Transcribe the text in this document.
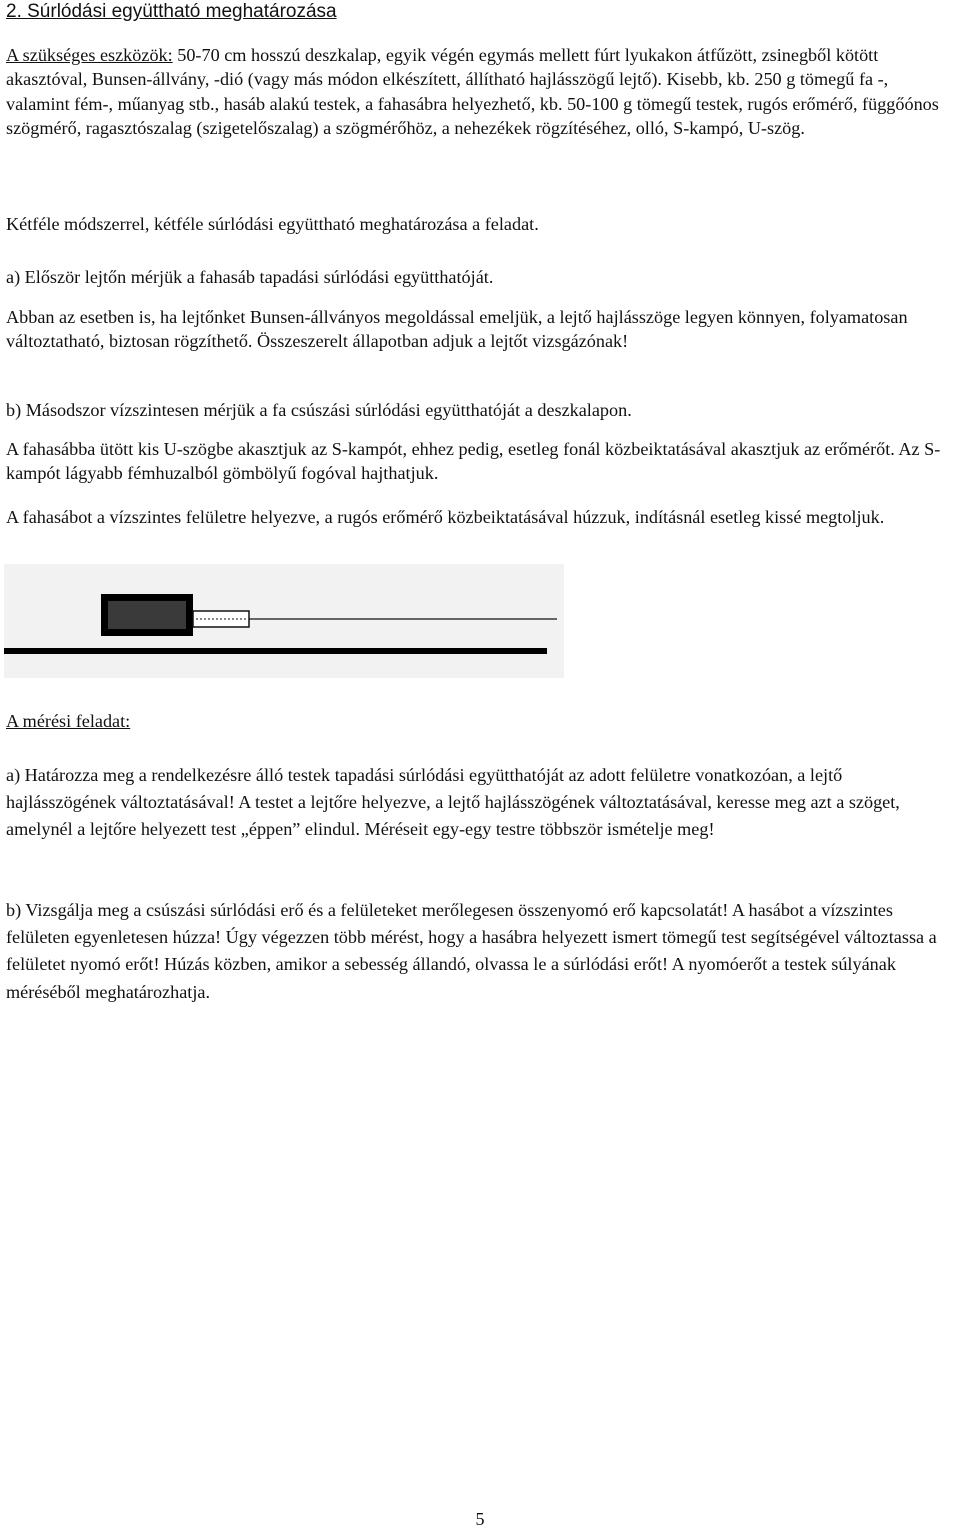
2. Súrlódási együttható meghatározása

A szükséges eszközök: 50-70 cm hosszú deszkalap, egyik végén egymás mellett fúrt lyukakon átfűzött, zsinegből kötött akasztóval, Bunsen-állvány, -dió (vagy más módon elkészített, állítható hajlásszögű lejtő). Kisebb, kb. 250 g tömegű fa -, valamint fém-, műanyag stb., hasáb alakú testek, a fahasábra helyezhető, kb. 50-100 g tömegű testek, rugós erőmérő, függőónos szögmérő, ragasztószalag (szigetelőszalag) a szögmérőhöz, a nehezékek rögzítéséhez, olló, S-kampó, U-szög.

Kétféle módszerrel, kétféle súrlódási együttható meghatározása a feladat.

a) Először lejtőn mérjük a fahasáb tapadási súrlódási együtthatóját.

Abban az esetben is, ha lejtőnket Bunsen-állványos megoldással emeljük, a lejtő hajlásszöge legyen könnyen, folyamatosan változtatható, biztosan rögzíthető. Összeszerelt állapotban adjuk a lejtőt vizsgázónak!

b) Másodszor vízszintesen mérjük a fa csúszási súrlódási együtthatóját a deszkalapon.

A fahasábba ütött kis U-szögbe akasztjuk az S-kampót, ehhez pedig, esetleg fonál közbeiktatásával akasztjuk az erőmérőt. Az S-kampót lágyabb fémhuzalból gömbölyű fogóval hajthatjuk.

A fahasábot a vízszintes felületre helyezve, a rugós erőmérő közbeiktatásával húzzuk, indításnál esetleg kissé megtoljuk.

A mérési feladat:

a) Határozza meg a rendelkezésre álló testek tapadási súrlódási együtthatóját az adott felületre vonatkozóan, a lejtő hajlásszögének változtatásával! A testet a lejtőre helyezve, a lejtő hajlásszögének változtatásával, keresse meg azt a szöget, amelynél a lejtőre helyezett test „éppen” elindul. Méréseit egy-egy testre többször ismételje meg!

b) Vizsgálja meg a csúszási súrlódási erő és a felületeket merőlegesen összenyomó erő kapcsolatát! A hasábot a vízszintes felületen egyenletesen húzza! Úgy végezzen több mérést, hogy a hasábra helyezett ismert tömegű test segítségével változtassa a felületet nyomó erőt! Húzás közben, amikor a sebesség állandó, olvassa le a súrlódási erőt! A nyomóerőt a testek súlyának méréséből meghatározhatja.

5
